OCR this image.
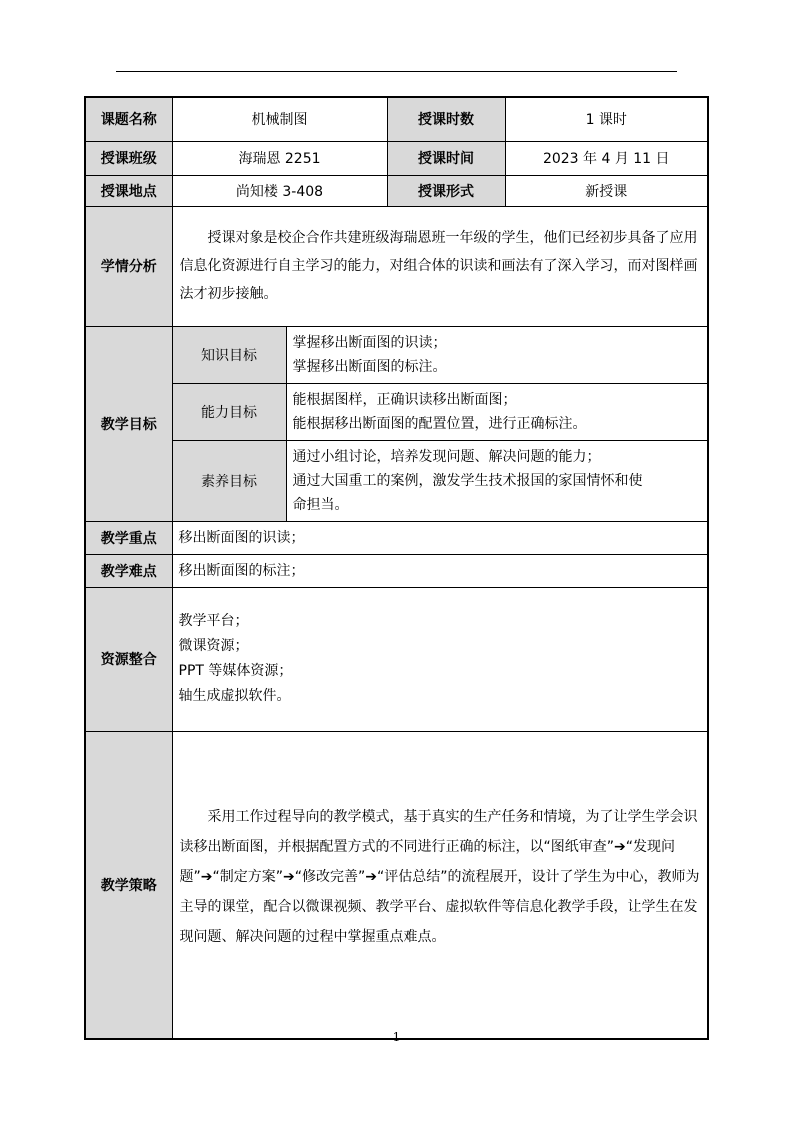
课题名称	机械制图		授课时数	1 课时
授课班级	海瑞恩 2251		授课时间	2023 年 4 月 11 日
授课地点	尚知楼 3-408		授课形式	新授课
学情分析	授课对象是校企合作共建班级海瑞恩班一年级的学生，他们已经初步具备了应用信息化资源进行自主学习的能力，对组合体的识读和画法有了深入学习，而对图样画法才初步接触。			
教学目标	知识目标	掌握移出断面图的识读；
掌握移出断面图的标注。		

	能力目标	能根据图样，正确识读移出断面图；
能根据移出断面图的配置位置，进行正确标注。		

	素养目标	通过小组讨论，培养发现问题、解决问题的能力；
通过大国重工的案例，激发学生技术报国的家国情怀和使
命担当。		

教学重点	移出断面图的识读；			
教学难点	移出断面图的标注；			
资源整合	教学平台；
微课资源；
PPT 等媒体资源；
轴生成虚拟软件。			

教学策略	采用工作过程导向的教学模式，基于真实的生产任务和情境，为了让学生学会识读移出断面图，并根据配置方式的不同进行正确的标注，以“图纸审查”➔“发现问题”➔“制定方案”➔“修改完善”➔“评估总结”的流程展开，设计了学生为中心，教师为主导的课堂，配合以微课视频、教学平台、虚拟软件等信息化教学手段，让学生在发现问题、解决问题的过程中掌握重点难点。			
1
